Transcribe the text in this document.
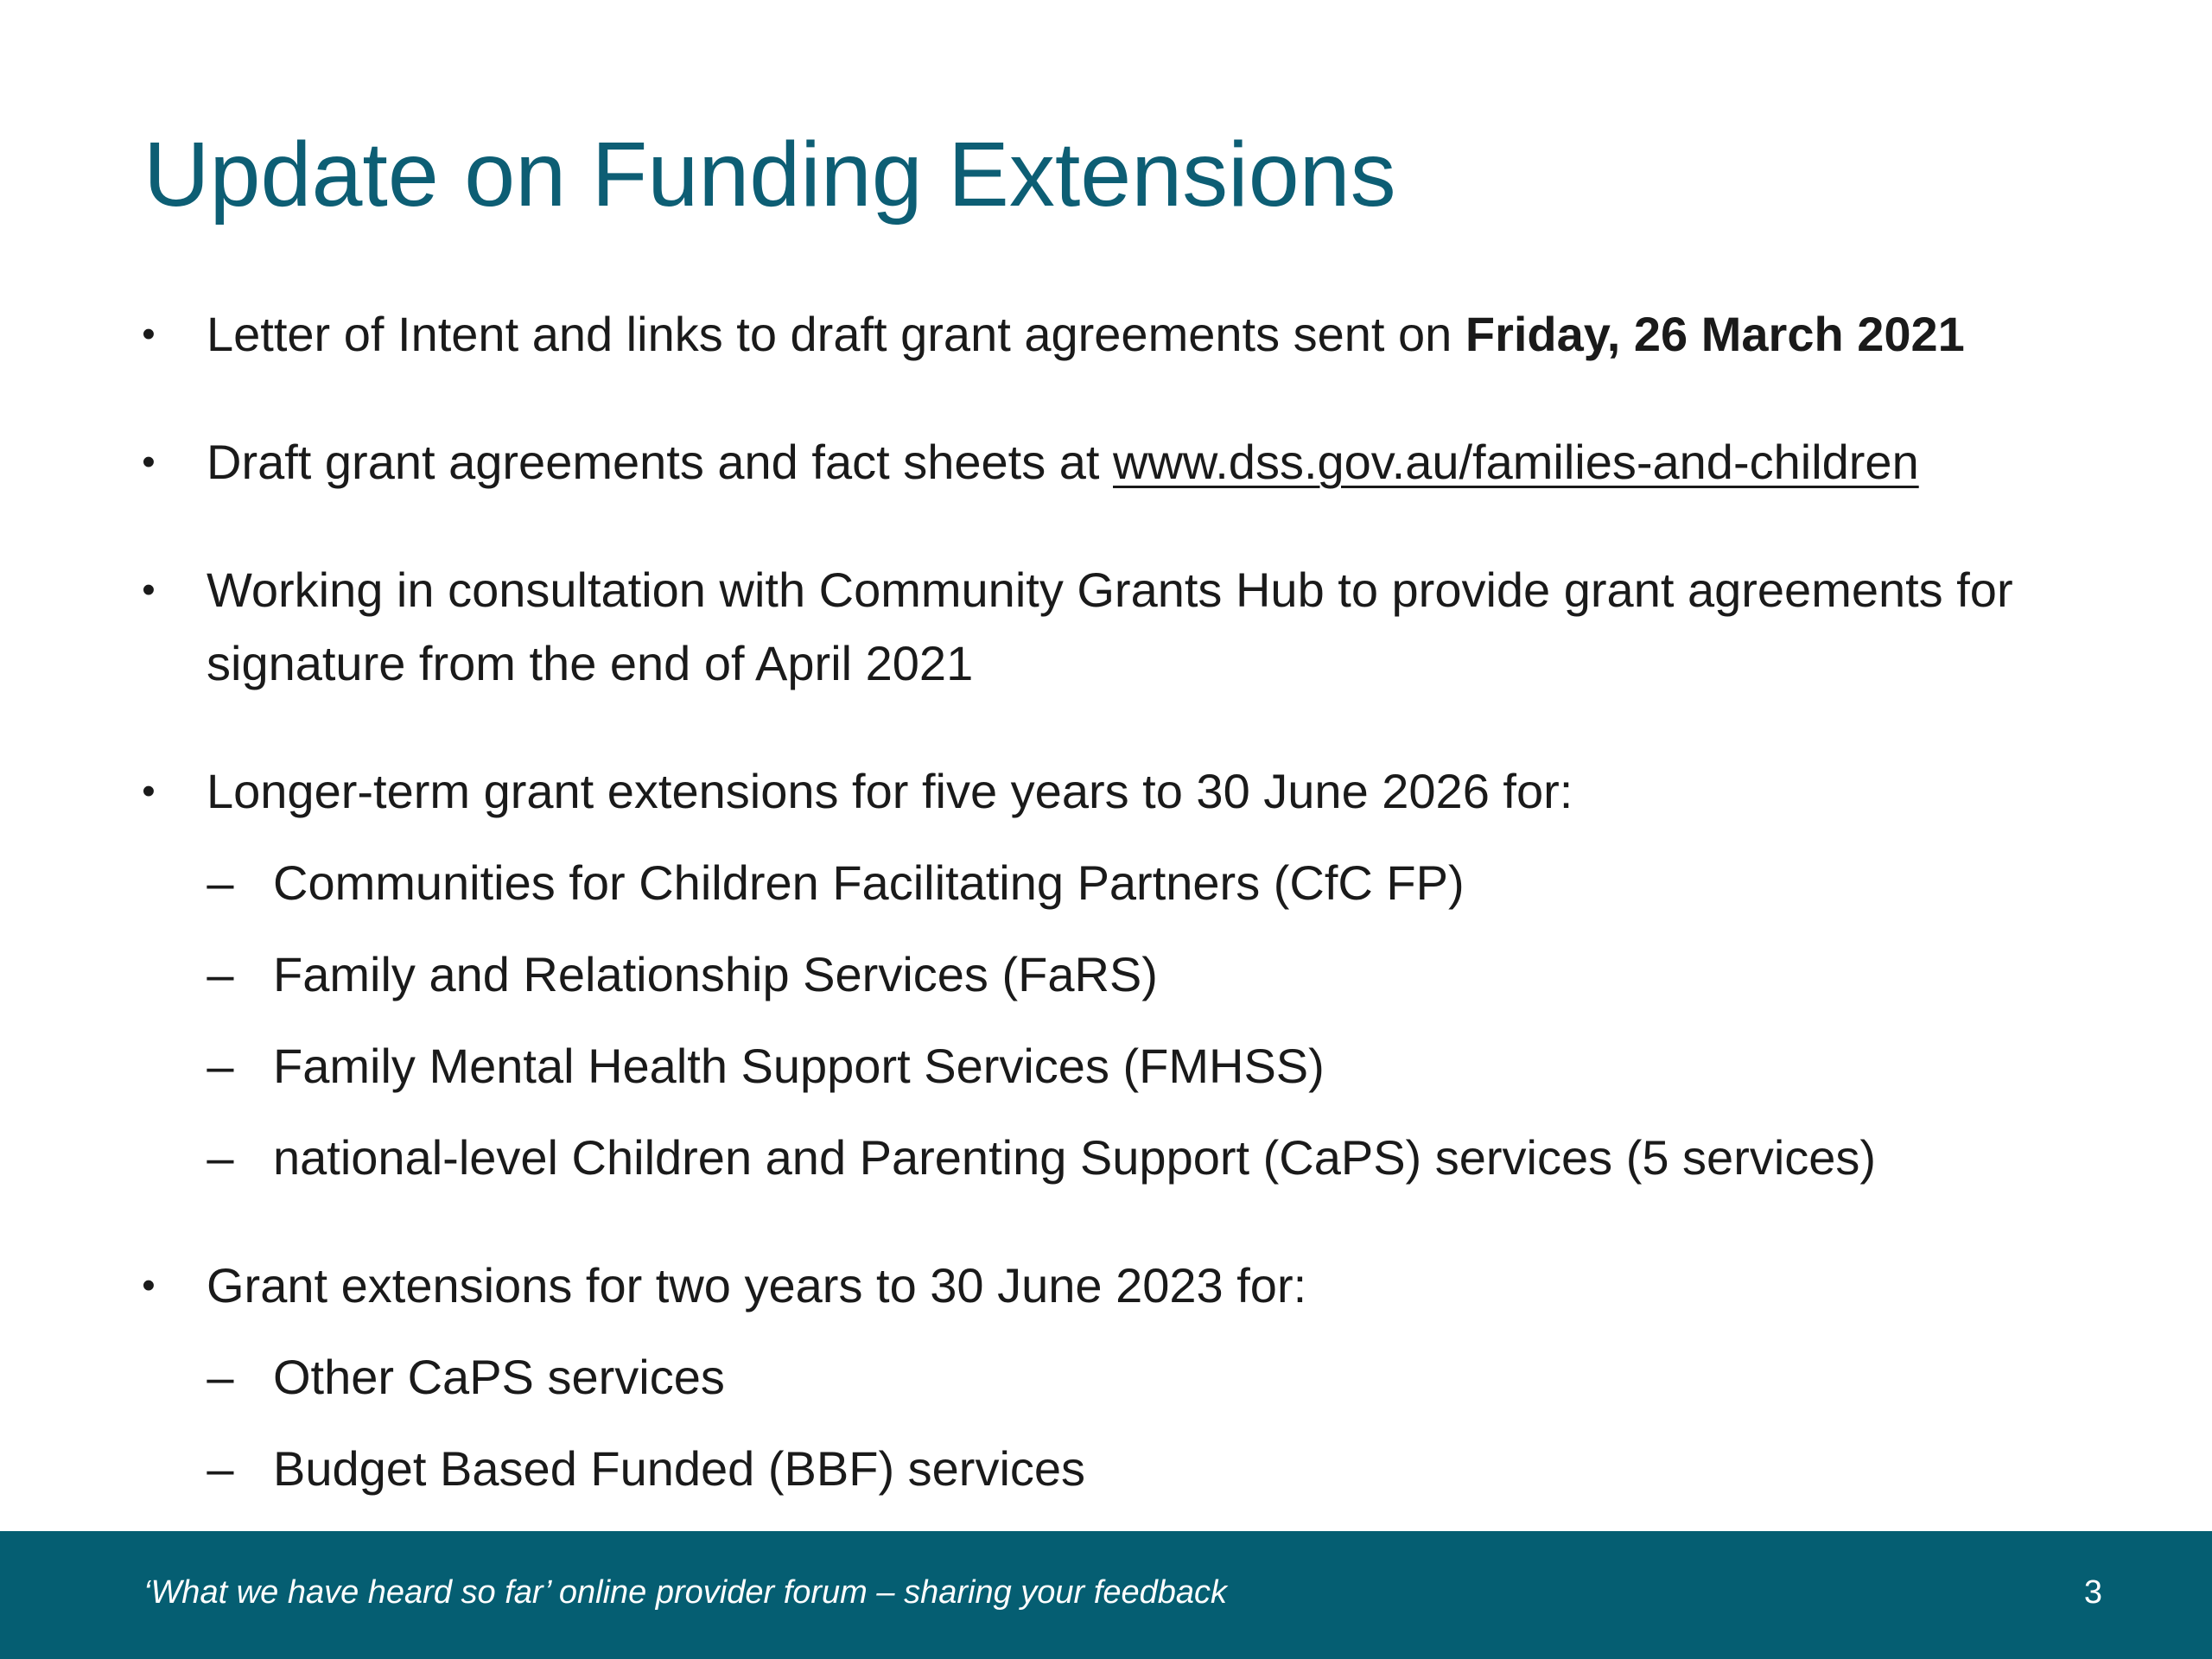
Update on Funding Extensions
• Letter of Intent and links to draft grant agreements sent on Friday, 26 March 2021
• Draft grant agreements and fact sheets at www.dss.gov.au/families-and-children
• Working in consultation with Community Grants Hub to provide grant agreements for
signature from the end of April 2021
• Longer-term grant extensions for five years to 30 June 2026 for:
– Communities for Children Facilitating Partners (CfC FP)
– Family and Relationship Services (FaRS)
– Family Mental Health Support Services (FMHSS)
– national-level Children and Parenting Support (CaPS) services (5 services)
• Grant extensions for two years to 30 June 2023 for:
– Other CaPS services
– Budget Based Funded (BBF) services
‘What we have heard so far’ online provider forum – sharing your feedback	3
